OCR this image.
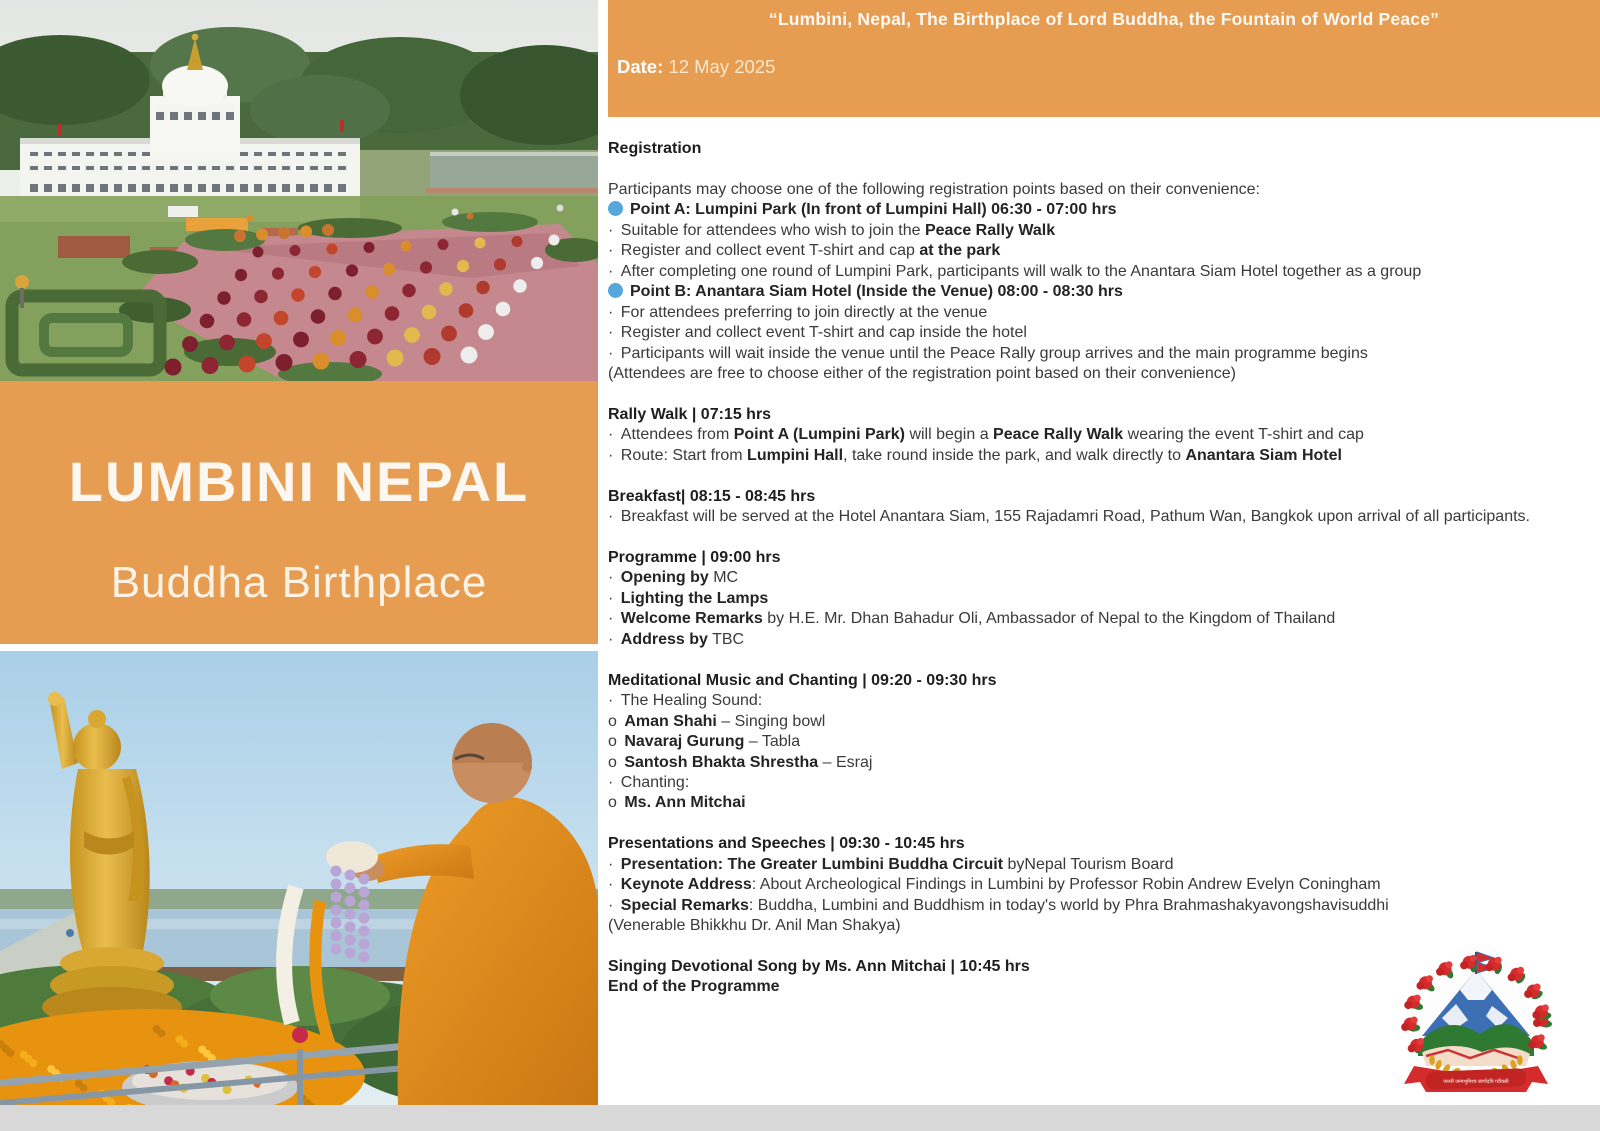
LUMBINI NEPAL
Buddha Birthplace
“Lumbini, Nepal, The Birthplace of Lord Buddha, the Fountain of World Peace”
Date: 12 May 2025
Registration

Participants may choose one of the following registration points based on their convenience:
Point A: Lumpini Park (In front of Lumpini Hall) 06:30 - 07:00 hrs
· Suitable for attendees who wish to join the Peace Rally Walk
· Register and collect event T-shirt and cap at the park
· After completing one round of Lumpini Park, participants will walk to the Anantara Siam Hotel together as a group
Point B: Anantara Siam Hotel (Inside the Venue) 08:00 - 08:30 hrs
· For attendees preferring to join directly at the venue
· Register and collect event T-shirt and cap inside the hotel
· Participants will wait inside the venue until the Peace Rally group arrives and the main programme begins
(Attendees are free to choose either of the registration point based on their convenience)
Rally Walk | 07:15 hrs
· Attendees from Point A (Lumpini Park) will begin a Peace Rally Walk wearing the event T-shirt and cap
· Route: Start from Lumpini Hall, take round inside the park, and walk directly to Anantara Siam Hotel
Breakfast| 08:15 - 08:45 hrs
· Breakfast will be served at the Hotel Anantara Siam, 155 Rajadamri Road, Pathum Wan, Bangkok upon arrival of all participants.
Programme | 09:00 hrs
· Opening by MC
· Lighting the Lamps
· Welcome Remarks by H.E. Mr. Dhan Bahadur Oli, Ambassador of Nepal to the Kingdom of Thailand
· Address by TBC
Meditational Music and Chanting | 09:20 - 09:30 hrs
· The Healing Sound:
o Aman Shahi – Singing bowl
o Navaraj Gurung – Tabla
o Santosh Bhakta Shrestha – Esraj
· Chanting:
o Ms. Ann Mitchai
Presentations and Speeches | 09:30 - 10:45 hrs
· Presentation: The Greater Lumbini Buddha Circuit byNepal Tourism Board
· Keynote Address: About Archeological Findings in Lumbini by Professor Robin Andrew Evelyn Coningham
· Special Remarks: Buddha, Lumbini and Buddhism in today's world by Phra Brahmashakyavongshavisuddhi
(Venerable Bhikkhu Dr. Anil Man Shakya)
Singing Devotional Song by Ms. Ann Mitchai | 10:45 hrs
End of the Programme
जननी जन्मभूमिश्च स्वर्गादपि गरीयसी
